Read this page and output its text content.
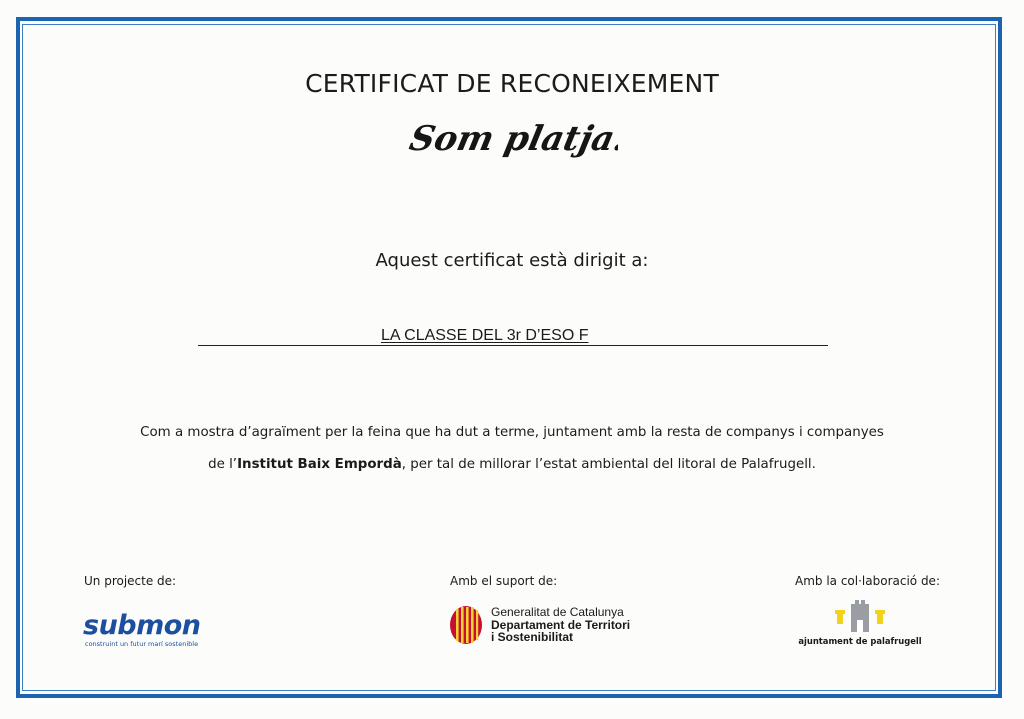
CERTIFICAT DE RECONEIXEMENT
Som platja!
Aquest certificat està dirigit a:
LA CLASSE DEL 3r D’ESO F
Com a mostra d’agraïment per la feina que ha dut a terme, juntament amb la resta de companys i companyes
de l’Institut Baix Empordà, per tal de millorar l’estat ambiental del litoral de Palafrugell.
Un projecte de:	Amb el suport de:	Amb la col·laboració de:
submon
construint un futur marí sostenible
Generalitat de Catalunya
Departament de Territori
i Sostenibilitat	ajuntament de palafrugell
